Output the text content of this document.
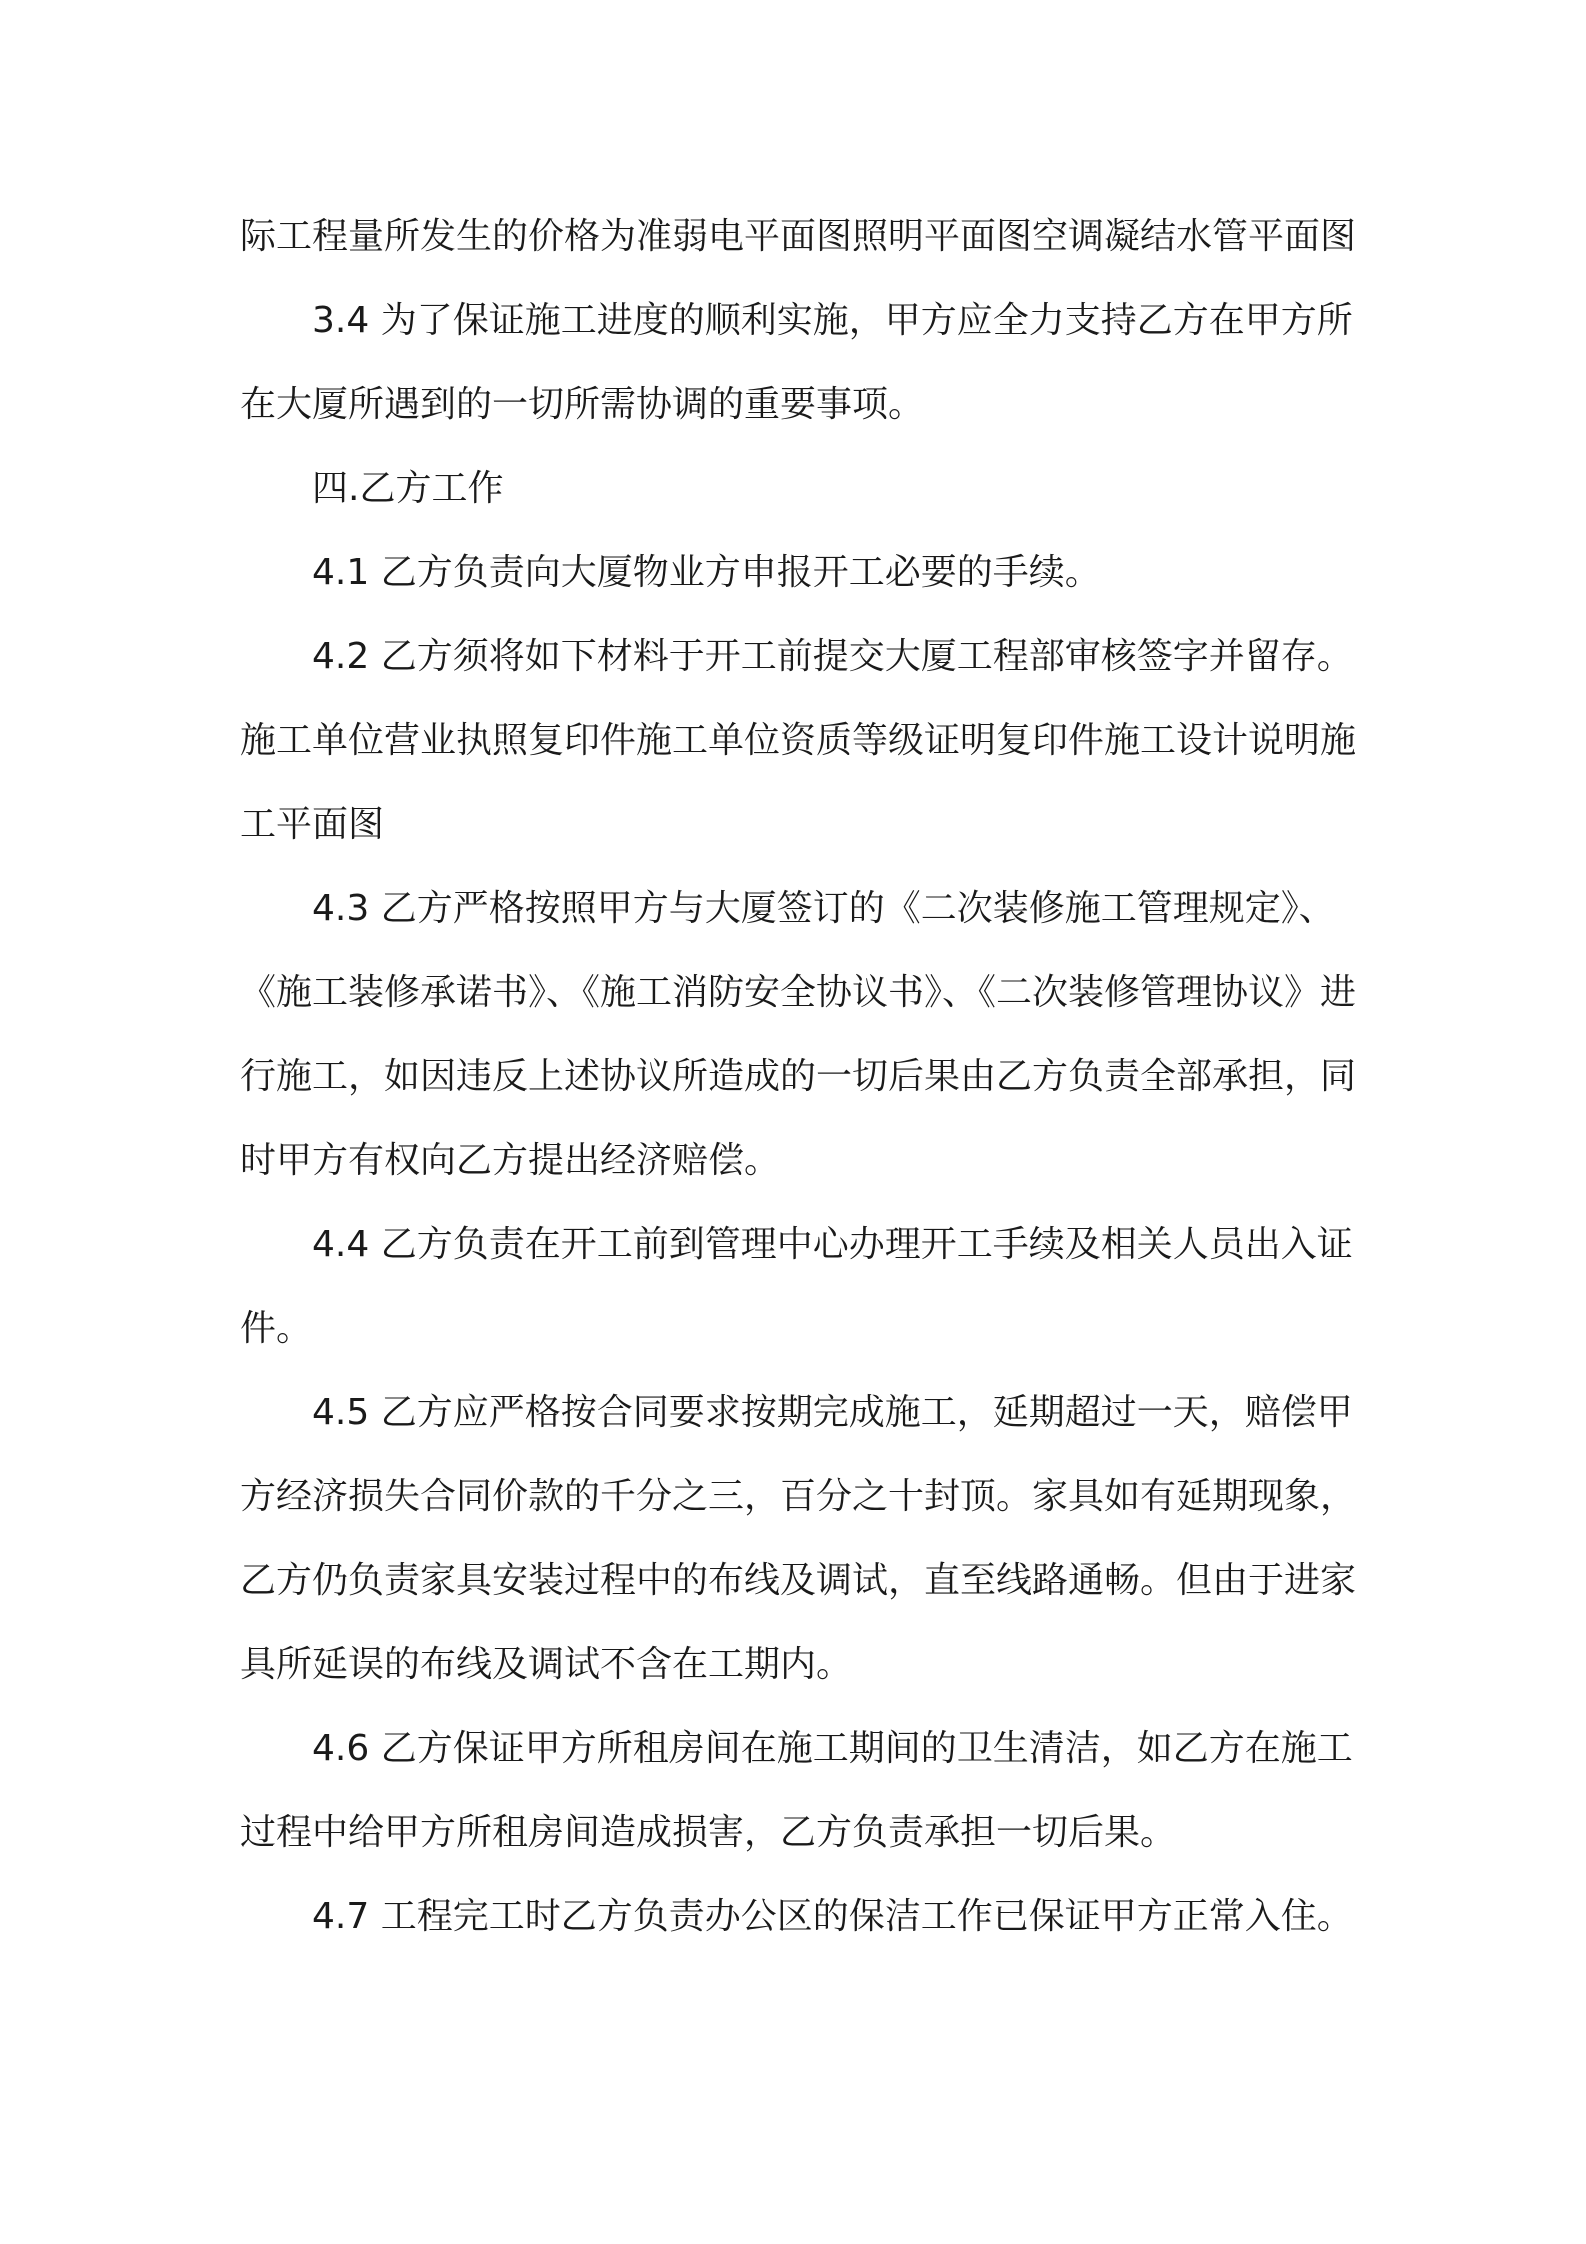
际工程量所发生的价格为准弱电平面图照明平面图空调凝结水管平面图

3.4 为了保证施工进度的顺利实施，甲方应全力支持乙方在甲方所在大厦所遇到的一切所需协调的重要事项。

四.乙方工作

4.1 乙方负责向大厦物业方申报开工必要的手续。

4.2 乙方须将如下材料于开工前提交大厦工程部审核签字并留存。

施工单位营业执照复印件施工单位资质等级证明复印件施工设计说明施工平面图

4.3 乙方严格按照甲方与大厦签订的《二次装修施工管理规定》、《施工装修承诺书》、《施工消防安全协议书》、《二次装修管理协议》进行施工，如因违反上述协议所造成的一切后果由乙方负责全部承担，同时甲方有权向乙方提出经济赔偿。

4.4 乙方负责在开工前到管理中心办理开工手续及相关人员出入证件。

4.5 乙方应严格按合同要求按期完成施工，延期超过一天，赔偿甲方经济损失合同价款的千分之三，百分之十封顶。家具如有延期现象，乙方仍负责家具安装过程中的布线及调试，直至线路通畅。但由于进家具所延误的布线及调试不含在工期内。

4.6 乙方保证甲方所租房间在施工期间的卫生清洁，如乙方在施工过程中给甲方所租房间造成损害，乙方负责承担一切后果。

4.7 工程完工时乙方负责办公区的保洁工作已保证甲方正常入住。
